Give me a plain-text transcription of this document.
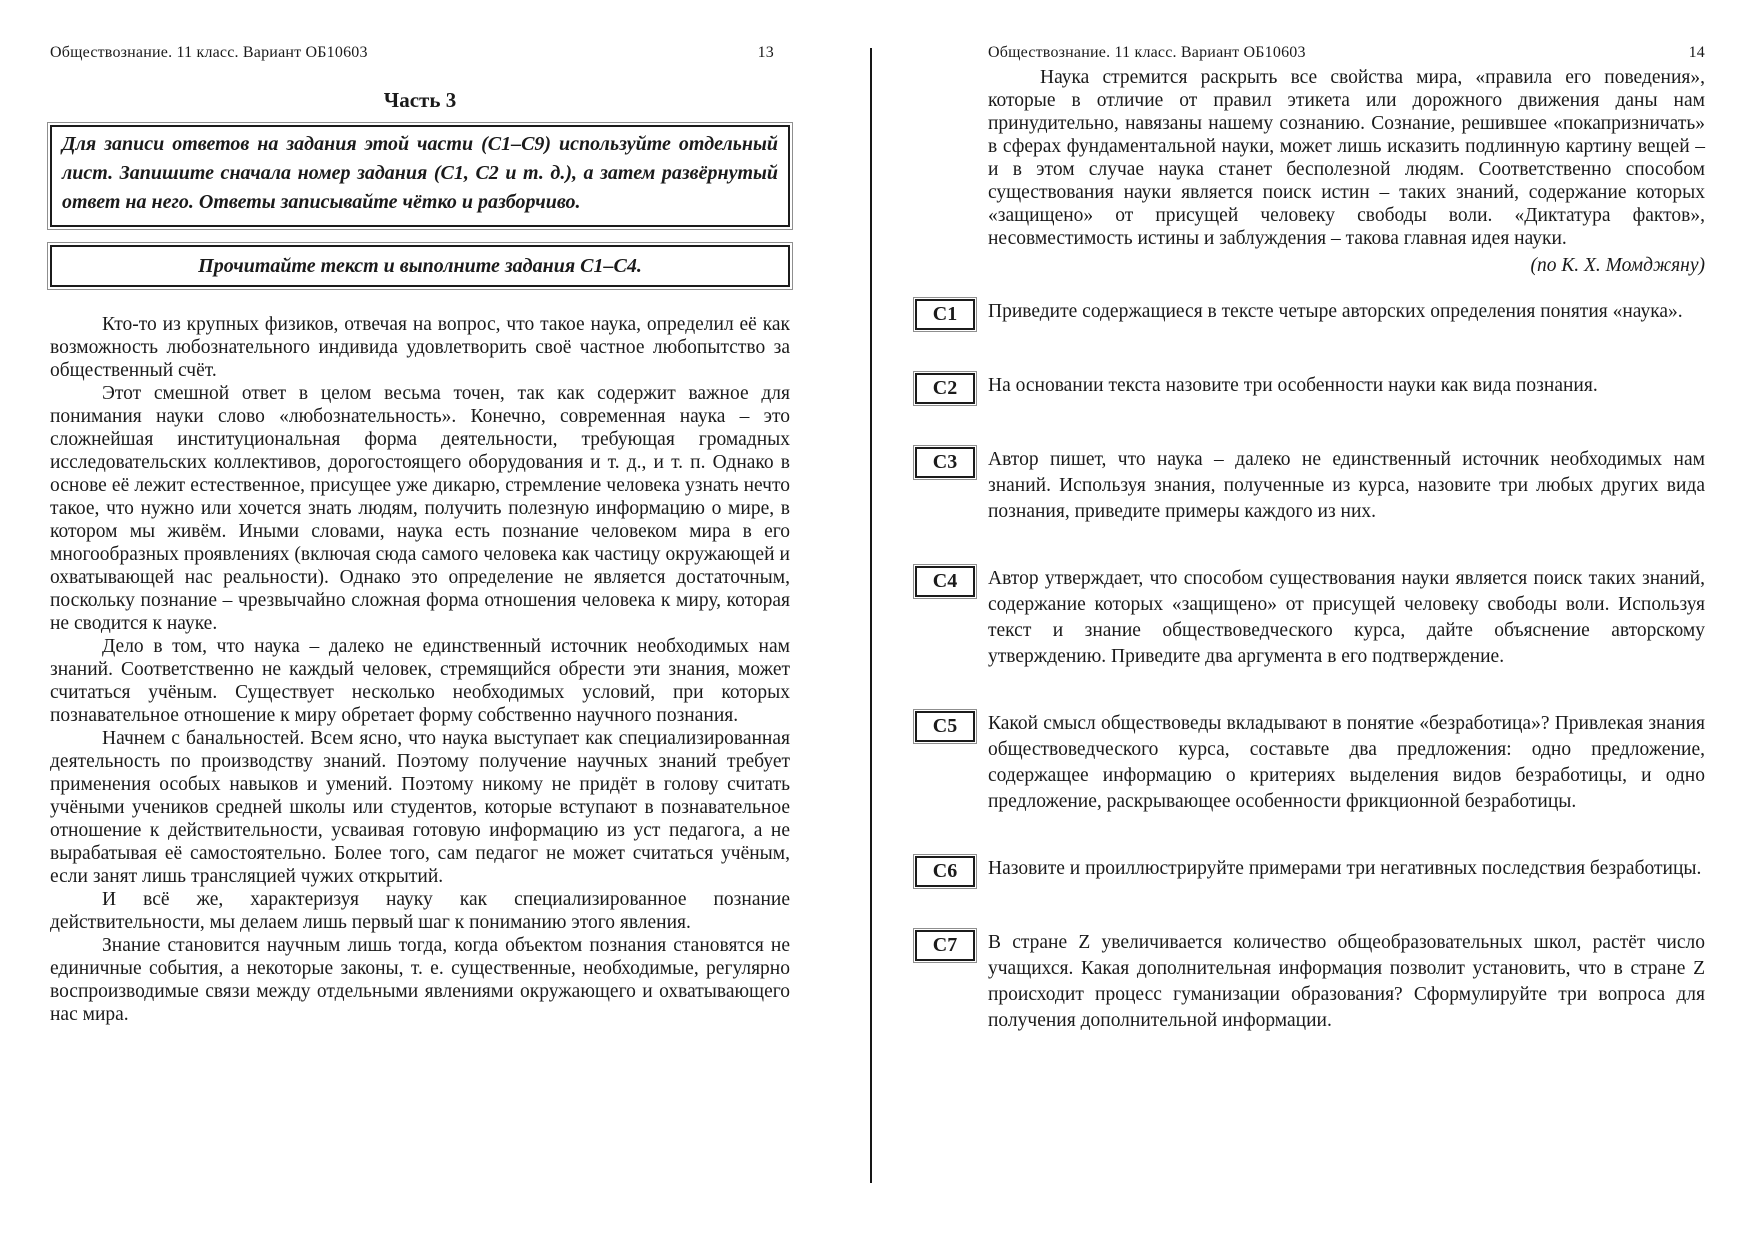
Обществознание. 11 класс. Вариант ОБ10603	13
Часть 3
Для записи ответов на задания этой части (С1–С9) используйте отдельный лист. Запишите сначала номер задания (С1, С2 и т. д.), а затем развёрнутый ответ на него. Ответы записывайте чётко и разборчиво.
Прочитайте текст и выполните задания С1–С4.

Кто-то из крупных физиков, отвечая на вопрос, что такое наука, определил её как возможность любознательного индивида удовлетворить своё частное любопытство за общественный счёт.

Этот смешной ответ в целом весьма точен, так как содержит важное для понимания науки слово «любознательность». Конечно, современная наука – это сложнейшая институциональная форма деятельности, требующая громадных исследовательских коллективов, дорогостоящего оборудования и т. д., и т. п. Однако в основе её лежит естественное, присущее уже дикарю, стремление человека узнать нечто такое, что нужно или хочется знать людям, получить полезную информацию о мире, в котором мы живём. Иными словами, наука есть познание человеком мира в его многообразных проявлениях (включая сюда самого человека как частицу окружающей и охватывающей нас реальности). Однако это определение не является достаточным, поскольку познание – чрезвычайно сложная форма отношения человека к миру, которая не сводится к науке.

Дело в том, что наука – далеко не единственный источник необходимых нам знаний. Соответственно не каждый человек, стремящийся обрести эти знания, может считаться учёным. Существует несколько необходимых условий, при которых познавательное отношение к миру обретает форму собственно научного познания.

Начнем с банальностей. Всем ясно, что наука выступает как специализированная деятельность по производству знаний. Поэтому получение научных знаний требует применения особых навыков и умений. Поэтому никому не придёт в голову считать учёными учеников средней школы или студентов, которые вступают в познавательное отношение к действительности, усваивая готовую информацию из уст педагога, а не вырабатывая её самостоятельно. Более того, сам педагог не может считаться учёным, если занят лишь трансляцией чужих открытий.

И всё же, характеризуя науку как специализированное познание действительности, мы делаем лишь первый шаг к пониманию этого явления.

Знание становится научным лишь тогда, когда объектом познания становятся не единичные события, а некоторые законы, т. е. существенные, необходимые, регулярно воспроизводимые связи между отдельными явлениями окружающего и охватывающего нас мира.

Обществознание. 11 класс. Вариант ОБ10603	14

Наука стремится раскрыть все свойства мира, «правила его поведения», которые в отличие от правил этикета или дорожного движения даны нам принудительно, навязаны нашему сознанию. Сознание, решившее «покапризничать» в сферах фундаментальной науки, может лишь исказить подлинную картину вещей – и в этом случае наука станет бесполезной людям. Соответственно способом существования науки является поиск истин – таких знаний, содержание которых «защищено» от присущей человеку свободы воли. «Диктатура фактов», несовместимость истины и заблуждения – такова главная идея науки.

(по К. Х. Момджяну)
С1 Приведите содержащиеся в тексте четыре авторских определения понятия «наука».

С2 На основании текста назовите три особенности науки как вида познания.

С3 Автор пишет, что наука – далеко не единственный источник необходимых нам знаний. Используя знания, полученные из курса, назовите три любых других вида познания, приведите примеры каждого из них.

С4 Автор утверждает, что способом существования науки является поиск таких знаний, содержание которых «защищено» от присущей человеку свободы воли. Используя текст и знание обществоведческого курса, дайте объяснение авторскому утверждению. Приведите два аргумента в его подтверждение.

С5 Какой смысл обществоведы вкладывают в понятие «безработица»? Привлекая знания обществоведческого курса, составьте два предложения: одно предложение, содержащее информацию о критериях выделения видов безработицы, и одно предложение, раскрывающее особенности фрикционной безработицы.

С6 Назовите и проиллюстрируйте примерами три негативных последствия безработицы.

С7 В стране Z увеличивается количество общеобразовательных школ, растёт число учащихся. Какая дополнительная информация позволит установить, что в стране Z происходит процесс гуманизации образования? Сформулируйте три вопроса для получения дополнительной информации.
